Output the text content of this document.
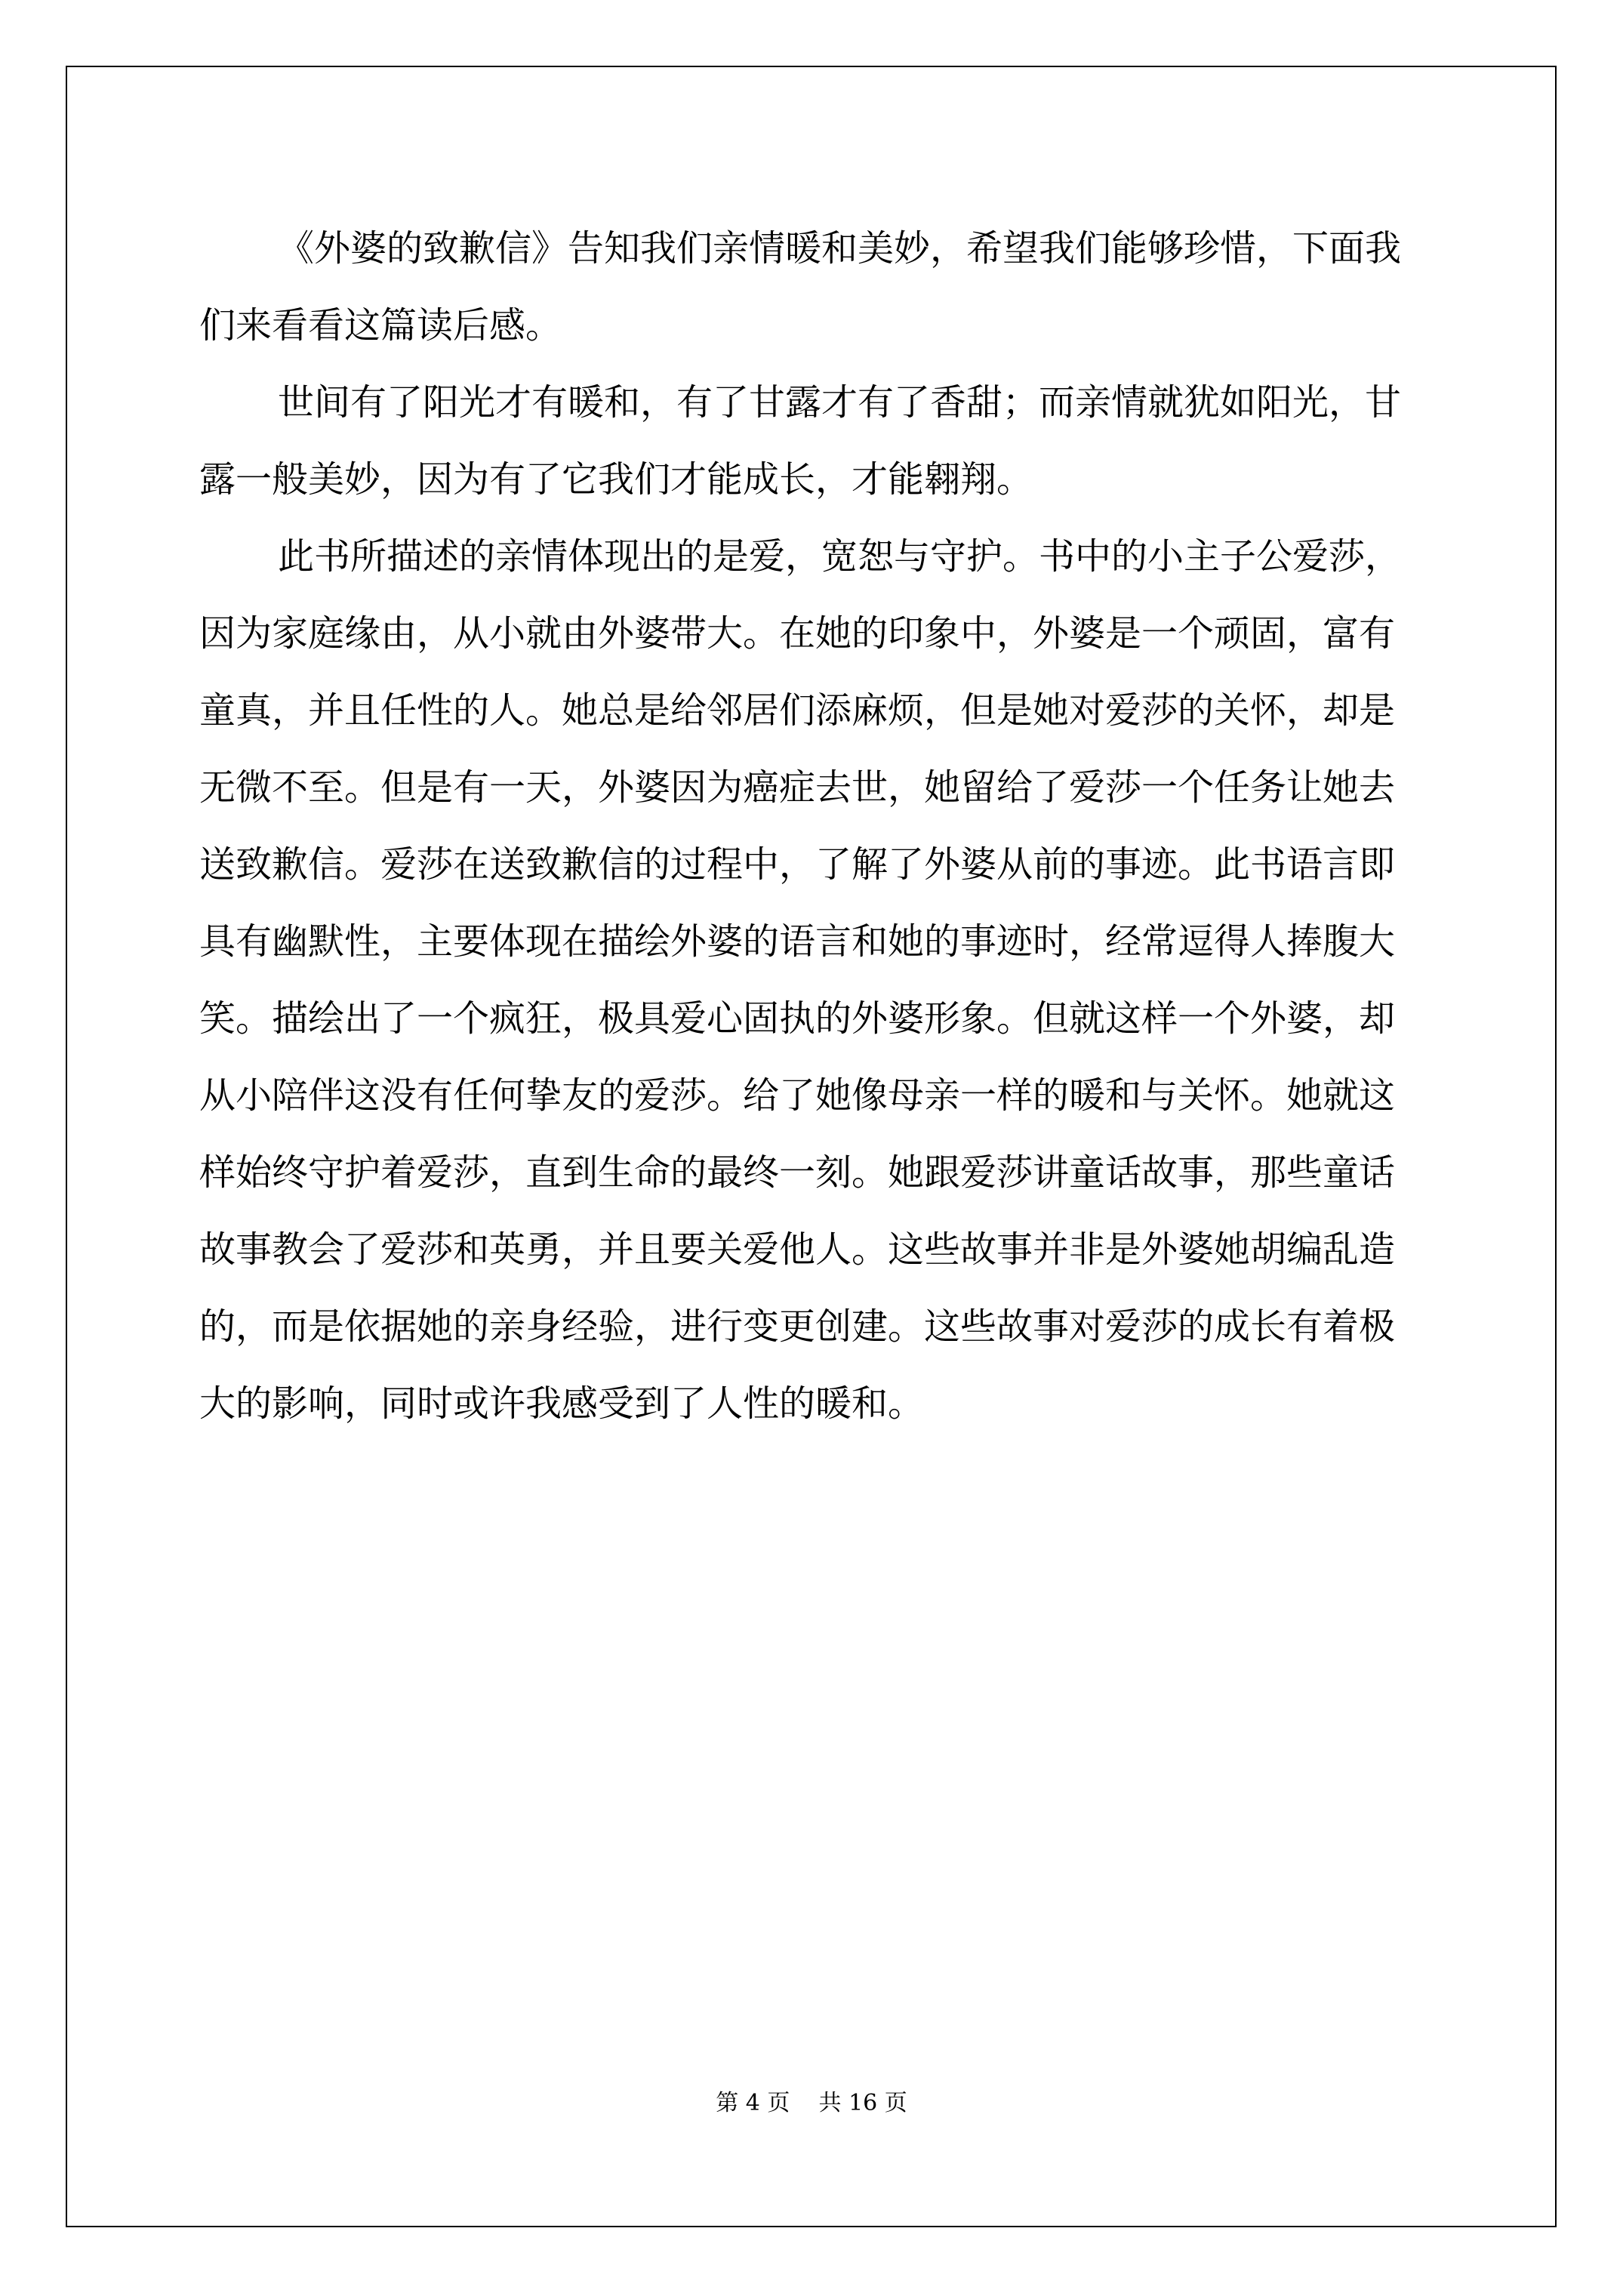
《外婆的致歉信》告知我们亲情暖和美妙，希望我们能够珍惜，下面我们来看看这篇读后感。

世间有了阳光才有暖和，有了甘露才有了香甜；而亲情就犹如阳光，甘露一般美妙，因为有了它我们才能成长，才能翱翔。

此书所描述的亲情体现出的是爱，宽恕与守护。书中的小主子公爱莎，因为家庭缘由，从小就由外婆带大。在她的印象中，外婆是一个顽固，富有童真，并且任性的人。她总是给邻居们添麻烦，但是她对爱莎的关怀，却是无微不至。但是有一天，外婆因为癌症去世，她留给了爱莎一个任务让她去送致歉信。爱莎在送致歉信的过程中，了解了外婆从前的事迹。此书语言即具有幽默性，主要体现在描绘外婆的语言和她的事迹时，经常逗得人捧腹大笑。描绘出了一个疯狂，极具爱心固执的外婆形象。但就这样一个外婆，却从小陪伴这没有任何挚友的爱莎。给了她像母亲一样的暖和与关怀。她就这样始终守护着爱莎，直到生命的最终一刻。她跟爱莎讲童话故事，那些童话故事教会了爱莎和英勇，并且要关爱他人。这些故事并非是外婆她胡编乱造的，而是依据她的亲身经验，进行变更创建。这些故事对爱莎的成长有着极大的影响，同时或许我感受到了人性的暖和。

第 4 页 共 16 页
